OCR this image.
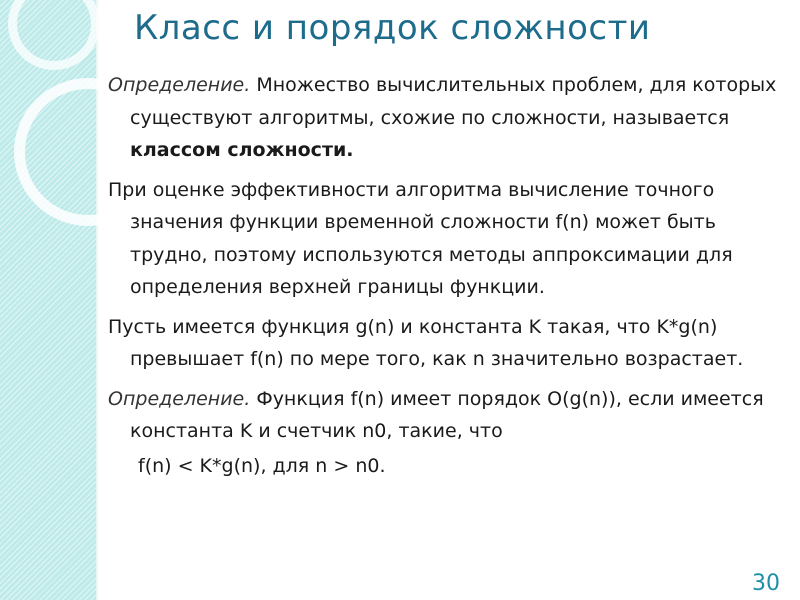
Класс и порядок сложности

Определение. Множество вычислительных проблем, для которых существуют алгоритмы, схожие по сложности, называется классом сложности.

При оценке эффективности алгоритма вычисление точного значения функции временной сложности f(n) может быть трудно, поэтому используются методы аппроксимации для определения верхней границы функции.

Пусть имеется функция g(n) и константа K такая, что K*g(n) превышает f(n) по мере того, как n значительно возрастает.

Определение. Функция f(n) имеет порядок O(g(n)), если имеется константа K и счетчик n0, такие, что

f(n) < K*g(n), для n > n0.

30
